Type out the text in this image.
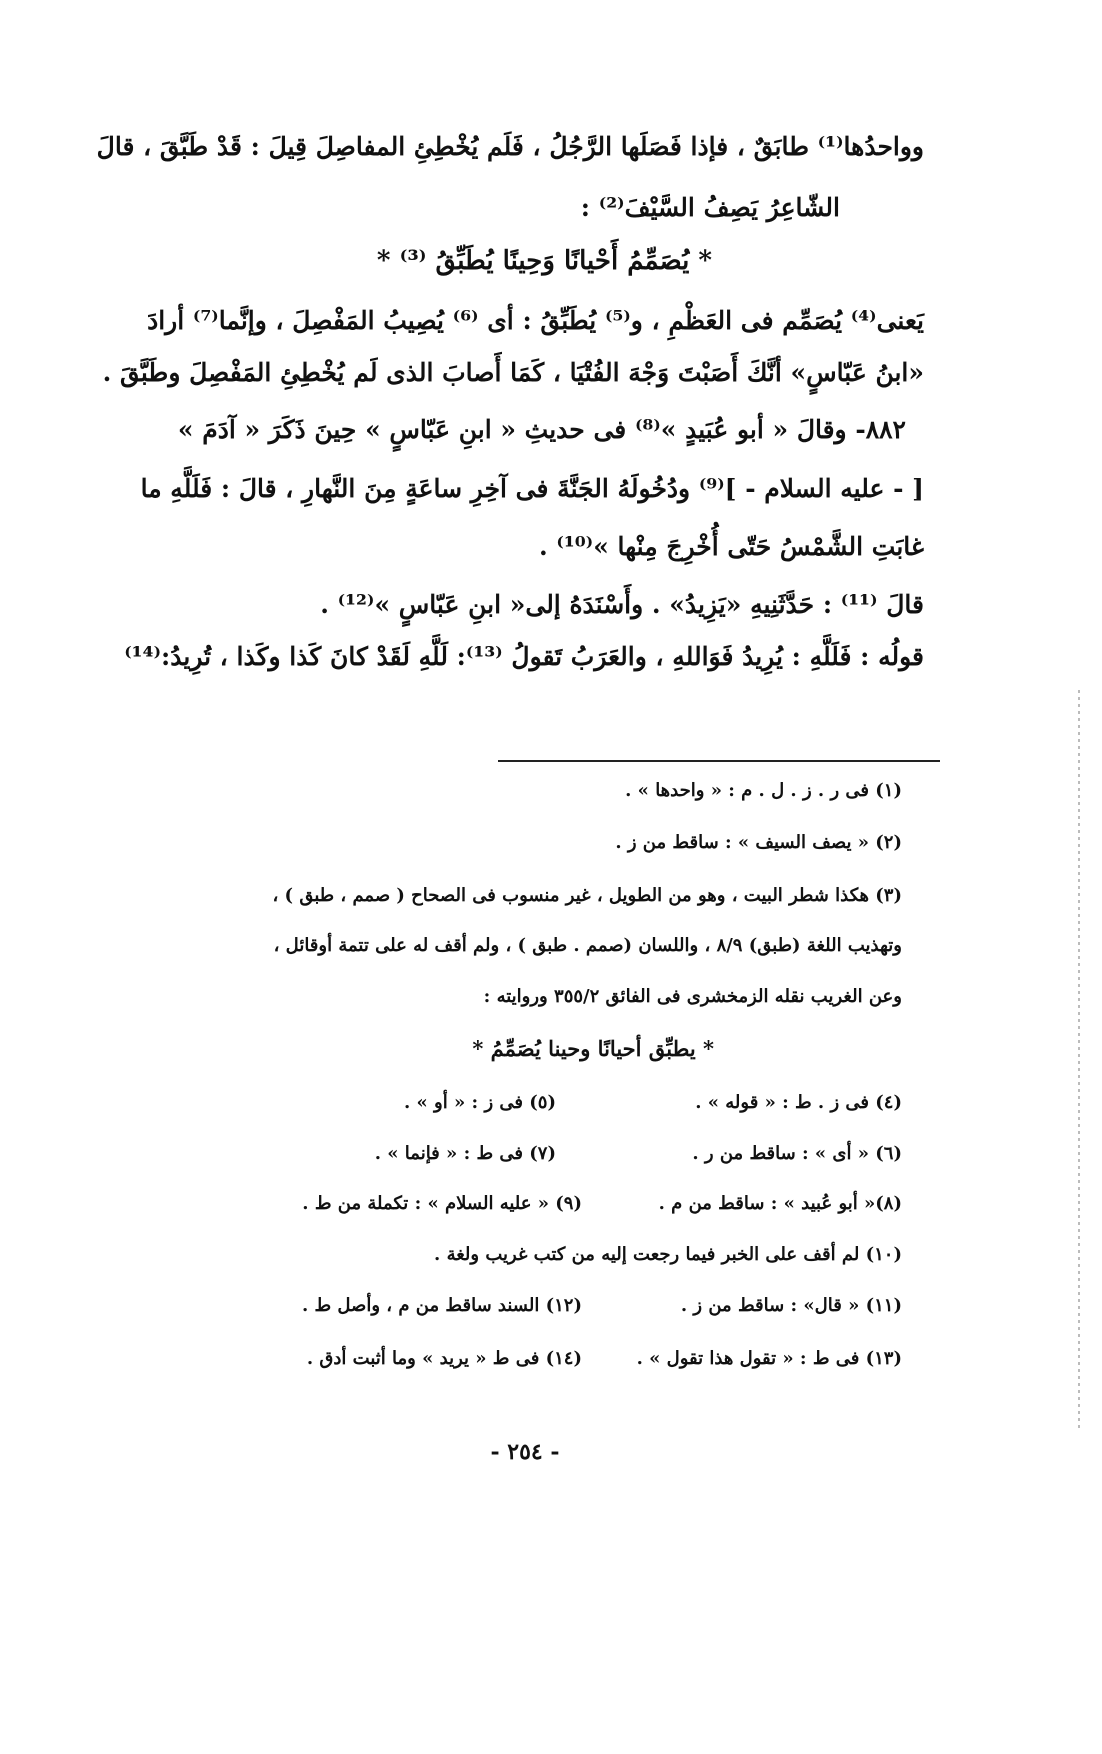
وواحدُها⁽¹⁾ طابَقٌ ، فإذا فَصَلَها الرَّجُلُ ، فَلَم يُخْطِئِ المفاصِلَ قِيلَ : قَدْ طَبَّقَ ، قالَ
الشّاعِرُ يَصِفُ السَّيْفَ⁽²⁾ :
* يُصَمِّمُ أَحْيانًا وَحِينًا يُطَبِّقُ ⁽³⁾ *
يَعنى⁽⁴⁾ يُصَمِّم فى العَظْمِ ، و⁽⁵⁾ يُطَبِّقُ : أى ⁽⁶⁾ يُصِيبُ المَفْصِلَ ، وإنَّما⁽⁷⁾ أرادَ
«ابنُ عَبّاسٍ» أنَّكَ أَصَبْتَ وَجْهَ الفُتْيَا ، كَمَا أَصابَ الذى لَم يُخْطِئِ المَفْصِلَ وطَبَّقَ .
٨٨٢- وقالَ « أبو عُبَيدٍ »⁽⁸⁾ فى حديثِ « ابنِ عَبّاسٍ » حِينَ ذَكَرَ « آدَمَ »
[ - عليه السلام - ]⁽⁹⁾ ودُخُولَهُ الجَنَّةَ فى آخِرِ ساعَةٍ مِنَ النَّهارِ ، قالَ : فَلَلَّهِ ما
غابَتِ الشَّمْسُ حَتّى أُخْرِجَ مِنْها »⁽¹⁰⁾ .
قالَ ⁽¹¹⁾ : حَدَّثَنِيهِ «يَزِيدُ» . وأَسْنَدَهُ إلى« ابنِ عَبّاسٍ »⁽¹²⁾ .
قولُه : فَلَلَّهِ : يُرِيدُ فَوَاللهِ ، والعَرَبُ تَقولُ ⁽¹³⁾: لَلَّهِ لَقَدْ كانَ كَذا وكَذا ، تُرِيدُ:⁽¹⁴⁾
(١) فى ر . ز . ل . م : « واحدها » .
(٢) « يصف السيف » : ساقط من ز .
(٣) هكذا شطر البيت ، وهو من الطويل ، غير منسوب فى الصحاح ( صمم ، طبق ) ،
وتهذيب اللغة (طبق) ٨/٩ ، واللسان (صمم . طبق ) ، ولم أقف له على تتمة أوقائل ،
وعن الغريب نقله الزمخشرى فى الفائق ٣٥٥/٢ وروايته :
* يطبِّق أحيانًا وحينا يُصَمِّمُ *
(٤) فى ز . ط : « قوله » .
(٥) فى ز : « أو » .
(٦) « أى » : ساقط من ر .
(٧) فى ط : « فإنما » .
(٨)« أبو عُبيد » : ساقط من م .
(٩) « عليه السلام » : تكملة من ط .
(١٠) لم أقف على الخبر فيما رجعت إليه من كتب غريب ولغة .
(١١) « قال» : ساقط من ز .
(١٢) السند ساقط من م ، وأصل ط .
(١٣) فى ط : « تقول هذا تقول » .
(١٤) فى ط « يريد » وما أثبت أدق .
- ٢٥٤ -
